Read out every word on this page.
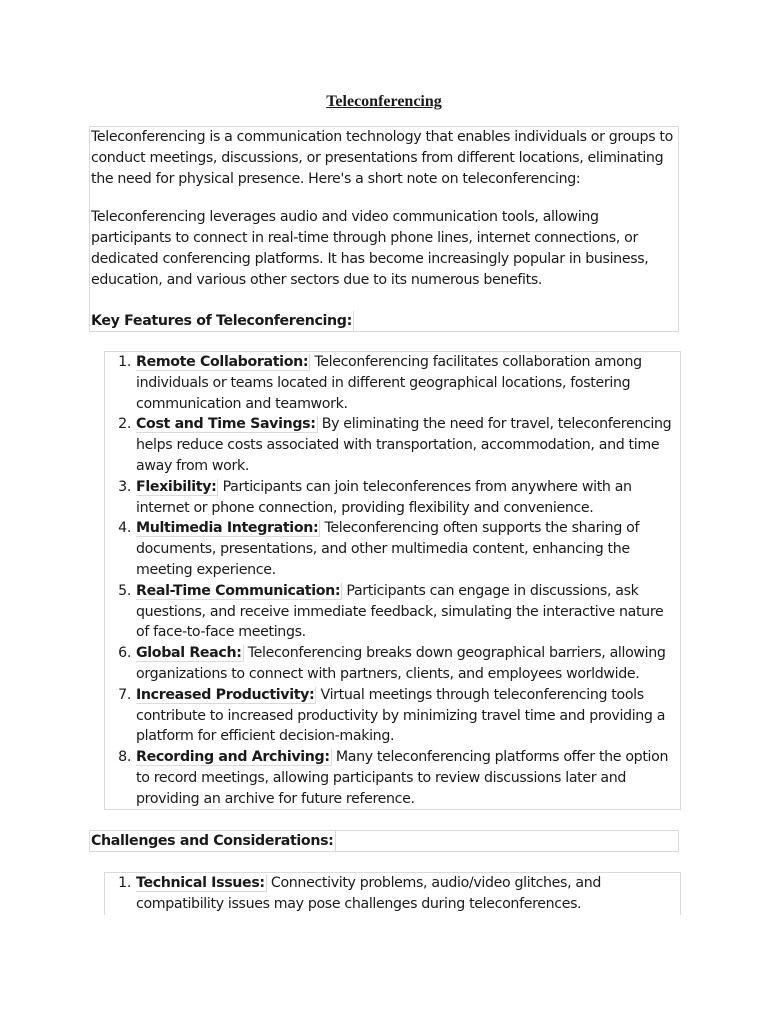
Teleconferencing

Teleconferencing is a communication technology that enables individuals or groups to conduct meetings, discussions, or presentations from different locations, eliminating the need for physical presence. Here's a short note on teleconferencing:

Teleconferencing leverages audio and video communication tools, allowing participants to connect in real-time through phone lines, internet connections, or dedicated conferencing platforms. It has become increasingly popular in business, education, and various other sectors due to its numerous benefits.

Key Features of Teleconferencing:
1. Remote Collaboration: Teleconferencing facilitates collaboration among individuals or teams located in different geographical locations, fostering communication and teamwork.
2. Cost and Time Savings: By eliminating the need for travel, teleconferencing helps reduce costs associated with transportation, accommodation, and time away from work.
3. Flexibility: Participants can join teleconferences from anywhere with an internet or phone connection, providing flexibility and convenience.
4. Multimedia Integration: Teleconferencing often supports the sharing of documents, presentations, and other multimedia content, enhancing the meeting experience.
5. Real-Time Communication: Participants can engage in discussions, ask questions, and receive immediate feedback, simulating the interactive nature of face-to-face meetings.
6. Global Reach: Teleconferencing breaks down geographical barriers, allowing organizations to connect with partners, clients, and employees worldwide.
7. Increased Productivity: Virtual meetings through teleconferencing tools contribute to increased productivity by minimizing travel time and providing a platform for efficient decision-making.
8. Recording and Archiving: Many teleconferencing platforms offer the option to record meetings, allowing participants to review discussions later and providing an archive for future reference.
Challenges and Considerations:
1. Technical Issues: Connectivity problems, audio/video glitches, and compatibility issues may pose challenges during teleconferences.
